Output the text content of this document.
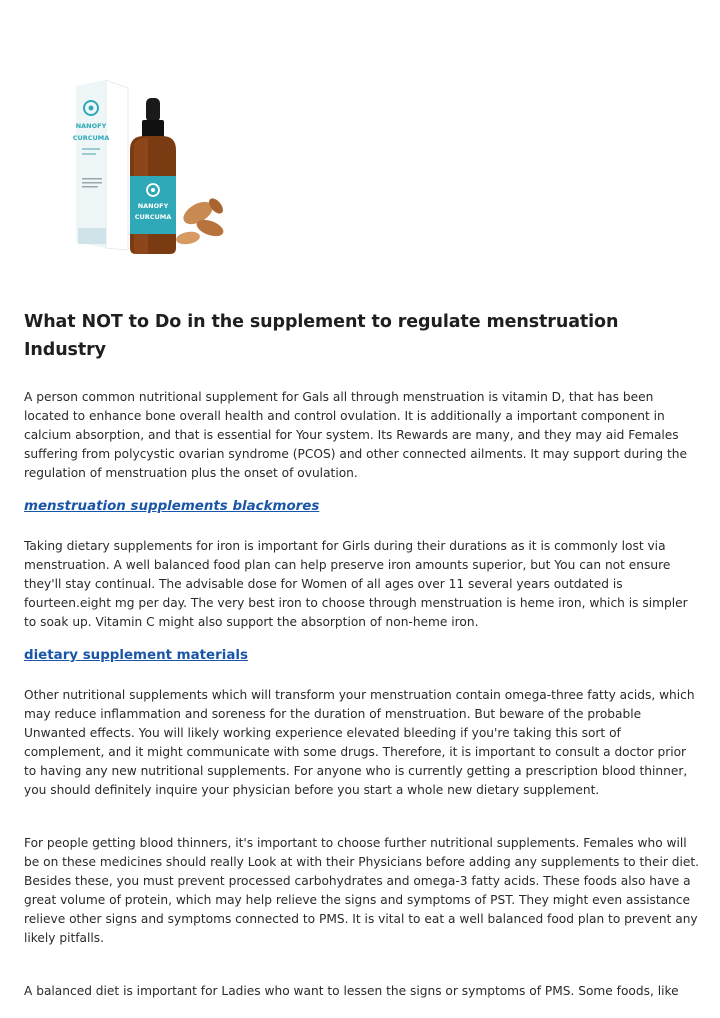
NANOFY
CURCUMA
NANOFY
CURCUMA
What NOT to Do in the supplement to regulate menstruation Industry

A person common nutritional supplement for Gals all through menstruation is vitamin D, that has been located to enhance bone overall health and control ovulation. It is additionally a important component in calcium absorption, and that is essential for Your system. Its Rewards are many, and they may aid Females suffering from polycystic ovarian syndrome (PCOS) and other connected ailments. It may support during the regulation of menstruation plus the onset of ovulation.

menstruation supplements blackmores

Taking dietary supplements for iron is important for Girls during their durations as it is commonly lost via menstruation. A well balanced food plan can help preserve iron amounts superior, but You can not ensure they'll stay continual. The advisable dose for Women of all ages over 11 several years outdated is fourteen.eight mg per day. The very best iron to choose through menstruation is heme iron, which is simpler to soak up. Vitamin C might also support the absorption of non-heme iron.

dietary supplement materials

Other nutritional supplements which will transform your menstruation contain omega-three fatty acids, which may reduce inflammation and soreness for the duration of menstruation. But beware of the probable Unwanted effects. You will likely working experience elevated bleeding if you're taking this sort of complement, and it might communicate with some drugs. Therefore, it is important to consult a doctor prior to having any new nutritional supplements. For anyone who is currently getting a prescription blood thinner, you should definitely inquire your physician before you start a whole new dietary supplement.

For people getting blood thinners, it's important to choose further nutritional supplements. Females who will be on these medicines should really Look at with their Physicians before adding any supplements to their diet. Besides these, you must prevent processed carbohydrates and omega-3 fatty acids. These foods also have a great volume of protein, which may help relieve the signs and symptoms of PST. They might even assistance relieve other signs and symptoms connected to PMS. It is vital to eat a well balanced food plan to prevent any likely pitfalls.

A balanced diet is important for Ladies who want to lessen the signs or symptoms of PMS. Some foods, like
